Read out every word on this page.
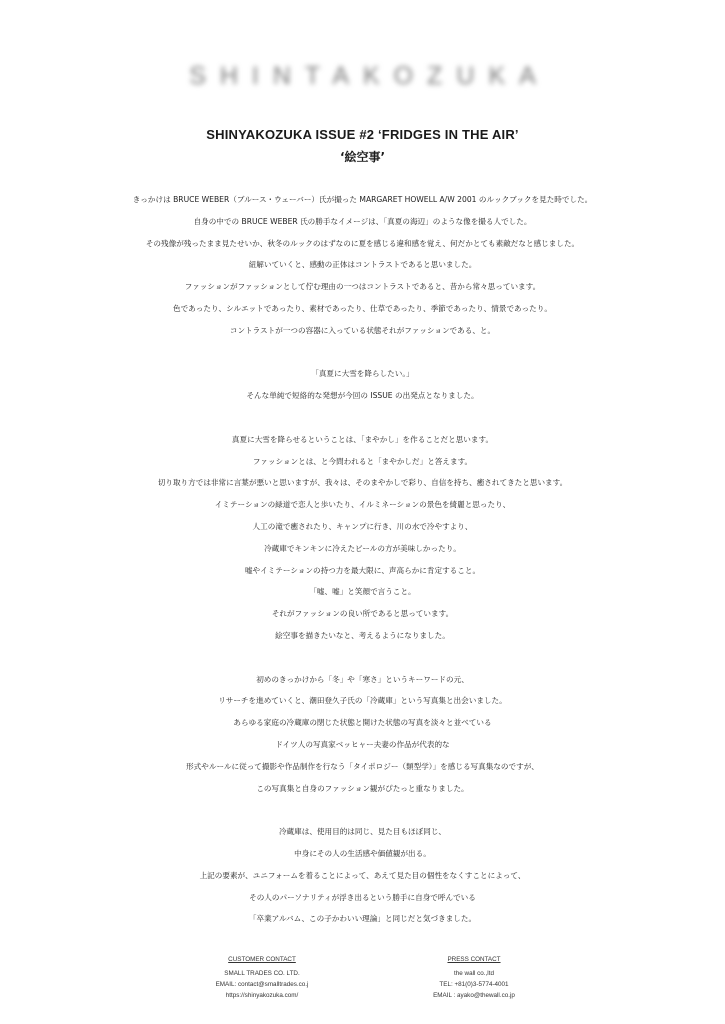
SHINTAKOZUKA
SHINYAKOZUKA ISSUE #2 ‘FRIDGES IN THE AIR’
‘絵空事’
きっかけは BRUCE WEBER（ブルース・ウェーバー）氏が撮った MARGARET HOWELL A/W 2001 のルックブックを見た時でした。
自身の中での BRUCE WEBER 氏の勝手なイメージは、「真夏の海辺」のような像を撮る人でした。
その残像が残ったまま見たせいか、秋冬のルックのはずなのに夏を感じる違和感を覚え、何だかとても素敵だなと感じました。
紐解いていくと、感動の正体はコントラストであると思いました。
ファッションがファッションとして佇む理由の一つはコントラストであると、昔から常々思っています。
色であったり、シルエットであったり、素材であったり、仕草であったり、季節であったり、情景であったり。
コントラストが一つの容器に入っている状態それがファッションである、と。
「真夏に大雪を降らしたい。」
そんな単純で短絡的な発想が今回の ISSUE の出発点となりました。
真夏に大雪を降らせるということは、「まやかし」を作ることだと思います。
ファッションとは、と今問われると「まやかしだ」と答えます。
切り取り方では非常に言葉が悪いと思いますが、我々は、そのまやかしで彩り、自信を持ち、癒されてきたと思います。
イミテーションの緑道で恋人と歩いたり、イルミネーションの景色を綺麗と思ったり、
人工の滝で癒されたり、キャンプに行き、川の水で冷やすより、
冷蔵庫でキンキンに冷えたビールの方が美味しかったり。
嘘やイミテーションの持つ力を最大限に、声高らかに肯定すること。
「嘘、嘘」と笑顔で言うこと。
それがファッションの良い所であると思っています。
絵空事を描きたいなと、考えるようになりました。
初めのきっかけから「冬」や「寒さ」というキーワードの元、
リサーチを進めていくと、潮田登久子氏の「冷蔵庫」という写真集と出会いました。
あらゆる家庭の冷蔵庫の閉じた状態と開けた状態の写真を淡々と並べている
ドイツ人の写真家ベッヒャー夫妻の作品が代表的な
形式やルールに従って撮影や作品制作を行なう「タイポロジー（類型学）」を感じる写真集なのですが、
この写真集と自身のファッション観がぴたっと重なりました。
冷蔵庫は、使用目的は同じ、見た目もほぼ同じ、
中身にその人の生活感や価値観が出る。
上記の要素が、ユニフォームを着ることによって、あえて見た目の個性をなくすことによって、
その人のパーソナリティが浮き出るという勝手に自身で呼んでいる
「卒業アルバム、この子かわいい理論」と同じだと気づきました。
CUSTOMER CONTACT
SMALL TRADES CO. LTD.
EMAIL: contact@smalltrades.co.j
https://shinyakozuka.com/
PRESS CONTACT
the wall co.,ltd
TEL: +81(0)3-5774-4001
EMAIL : ayako@thewall.co.jp
